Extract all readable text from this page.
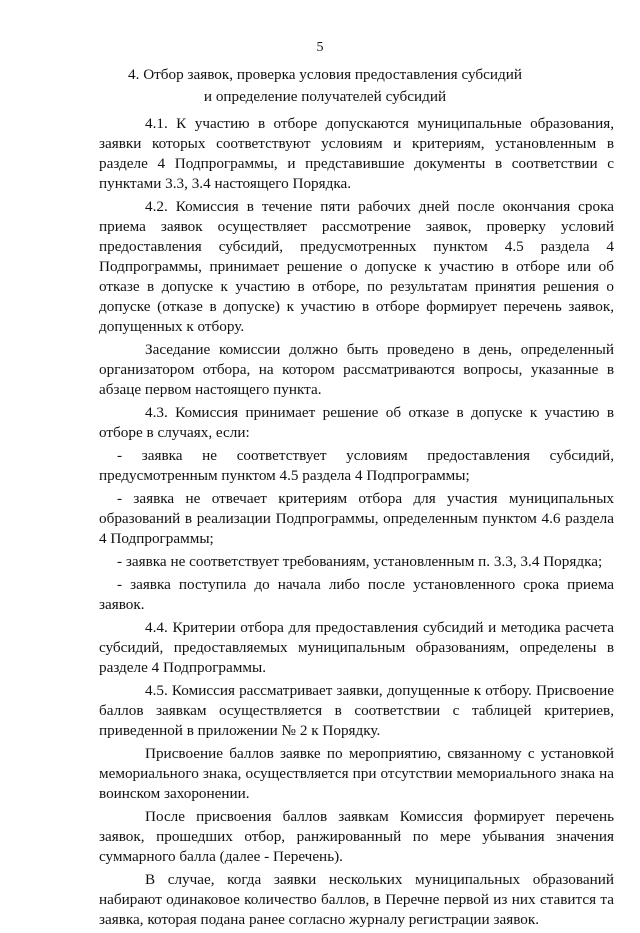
5
4. Отбор заявок, проверка условия предоставления субсидий
и определение получателей субсидий

4.1. К участию в отборе допускаются муниципальные образования, заявки которых соответствуют условиям и критериям, установленным в разделе 4 Подпрограммы, и представившие документы в соответствии с пунктами 3.3, 3.4 настоящего Порядка.

4.2. Комиссия в течение пяти рабочих дней после окончания срока приема заявок осуществляет рассмотрение заявок, проверку условий предоставления субсидий, предусмотренных пунктом 4.5 раздела 4 Подпрограммы, принимает решение о допуске к участию в отборе или об отказе в допуске к участию в отборе, по результатам принятия решения о допуске (отказе в допуске) к участию в отборе формирует перечень заявок, допущенных к отбору.

Заседание комиссии должно быть проведено в день, определенный организатором отбора, на котором рассматриваются вопросы, указанные в абзаце первом настоящего пункта.

4.3. Комиссия принимает решение об отказе в допуске к участию в отборе в случаях, если:

- заявка не соответствует условиям предоставления субсидий, предусмотренным пунктом 4.5 раздела 4 Подпрограммы;

- заявка не отвечает критериям отбора для участия муниципальных образований в реализации Подпрограммы, определенным пунктом 4.6 раздела 4 Подпрограммы;

- заявка не соответствует требованиям, установленным п. 3.3, 3.4 Порядка;

- заявка поступила до начала либо после установленного срока приема заявок.

4.4. Критерии отбора для предоставления субсидий и методика расчета субсидий, предоставляемых муниципальным образованиям, определены в разделе 4 Подпрограммы.

4.5. Комиссия рассматривает заявки, допущенные к отбору. Присвоение баллов заявкам осуществляется в соответствии с таблицей критериев, приведенной в приложении № 2 к Порядку.

Присвоение баллов заявке по мероприятию, связанному с установкой мемориального знака, осуществляется при отсутствии мемориального знака на воинском захоронении.

После присвоения баллов заявкам Комиссия формирует перечень заявок, прошедших отбор, ранжированный по мере убывания значения суммарного балла (далее - Перечень).

В случае, когда заявки нескольких муниципальных образований набирают одинаковое количество баллов, в Перечне первой из них ставится та заявка, которая подана ранее согласно журналу регистрации заявок.
